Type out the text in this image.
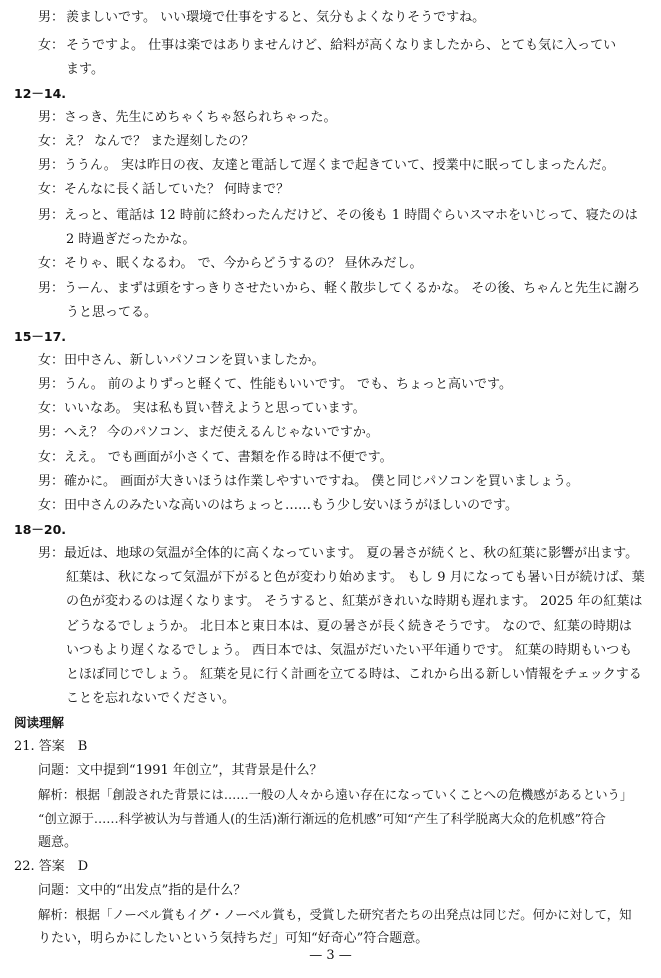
男： 羨ましいです。 いい環境で仕事をすると、気分もよくなりそうですね。
女： そうですよ。 仕事は楽ではありませんけど、給料が高くなりましたから、とても気に入ってい
ます。
12－14.
男：さっき、先生にめちゃくちゃ怒られちゃった。
女：え？ なんで？ また遅刻したの？
男：ううん。 実は昨日の夜、友達と電話して遅くまで起きていて、授業中に眠ってしまったんだ。
女：そんなに長く話していた？ 何時まで？
男：えっと、電話は 12 時前に終わったんだけど、その後も 1 時間ぐらいスマホをいじって、寝たのは
2 時過ぎだったかな。
女：そりゃ、眠くなるわ。 で、今からどうするの？ 昼休みだし。
男：うーん、まずは頭をすっきりさせたいから、軽く散歩してくるかな。 その後、ちゃんと先生に謝ろ
うと思ってる。
15－17.
女：田中さん、新しいパソコンを買いましたか。
男：うん。 前のよりずっと軽くて、性能もいいです。 でも、ちょっと高いです。
女：いいなあ。 実は私も買い替えようと思っています。
男：へえ？ 今のパソコン、まだ使えるんじゃないですか。
女：ええ。 でも画面が小さくて、書類を作る時は不便です。
男：確かに。 画面が大きいほうは作業しやすいですね。 僕と同じパソコンを買いましょう。
女：田中さんのみたいな高いのはちょっと……もう少し安いほうがほしいのです。
18－20.
男：最近は、地球の気温が全体的に高くなっています。 夏の暑さが続くと、秋の紅葉に影響が出ます。
紅葉は、秋になって気温が下がると色が変わり始めます。 もし 9 月になっても暑い日が続けば、葉
の色が変わるのは遅くなります。 そうすると、紅葉がきれいな時期も遅れます。 2025 年の紅葉は
どうなるでしょうか。 北日本と東日本は、夏の暑さが長く続きそうです。 なので、紅葉の時期は
いつもより遅くなるでしょう。 西日本では、気温がだいたい平年通りです。 紅葉の時期もいつも
とほぼ同じでしょう。 紅葉を見に行く計画を立てる時は、これから出る新しい情報をチェックする
ことを忘れないでください。
阅读理解
21. 答案　B
问题：文中提到“1991 年创立”，其背景是什么？
解析：根据「創設された背景には……一般の人々から遠い存在になっていくことへの危機感があるという」
“创立源于……科学被认为与普通人(的生活)渐行渐远的危机感”可知“产生了科学脱离大众的危机感”符合
题意。
22. 答案　D
问题：文中的“出发点”指的是什么？
解析：根据「ノーベル賞もイグ・ノーベル賞も，受賞した研究者たちの出発点は同じだ。何かに対して，知
りたい，明らかにしたいという気持ちだ」可知“好奇心”符合题意。
— 3 —
